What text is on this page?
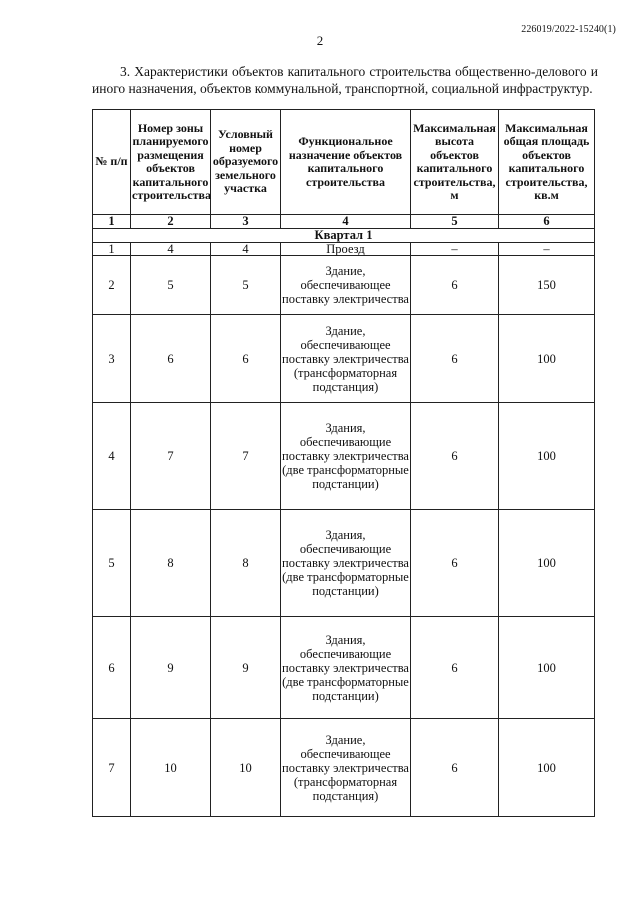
226019/2022-15240(1)
2
3. Характеристики объектов капитального строительства общественно-делового и иного назначения, объектов коммунальной, транспортной, социальной инфраструктур.
№ п/п	Номер зоны планируемого размещения объектов капитального строительства	Условный номер образуемого земельного участка	Функциональное назначение объектов капитального строительства	Максимальная высота объектов капитального строительства, м	Максимальная общая площадь объектов капитального строительства, кв.м
1	2	3	4	5	6
Квартал 1					
1	4	4	Проезд	–	–
2	5	5	Здание, обеспечивающее поставку электричества	6	150
3	6	6	Здание, обеспечивающее поставку электричества (трансформаторная подстанция)	6	100
4	7	7	Здания, обеспечивающие поставку электричества (две трансформаторные подстанции)	6	100
5	8	8	Здания, обеспечивающие поставку электричества (две трансформаторные подстанции)	6	100
6	9	9	Здания, обеспечивающие поставку электричества (две трансформаторные подстанции)	6	100
7	10	10	Здание, обеспечивающее поставку электричества (трансформаторная подстанция)	6	100
